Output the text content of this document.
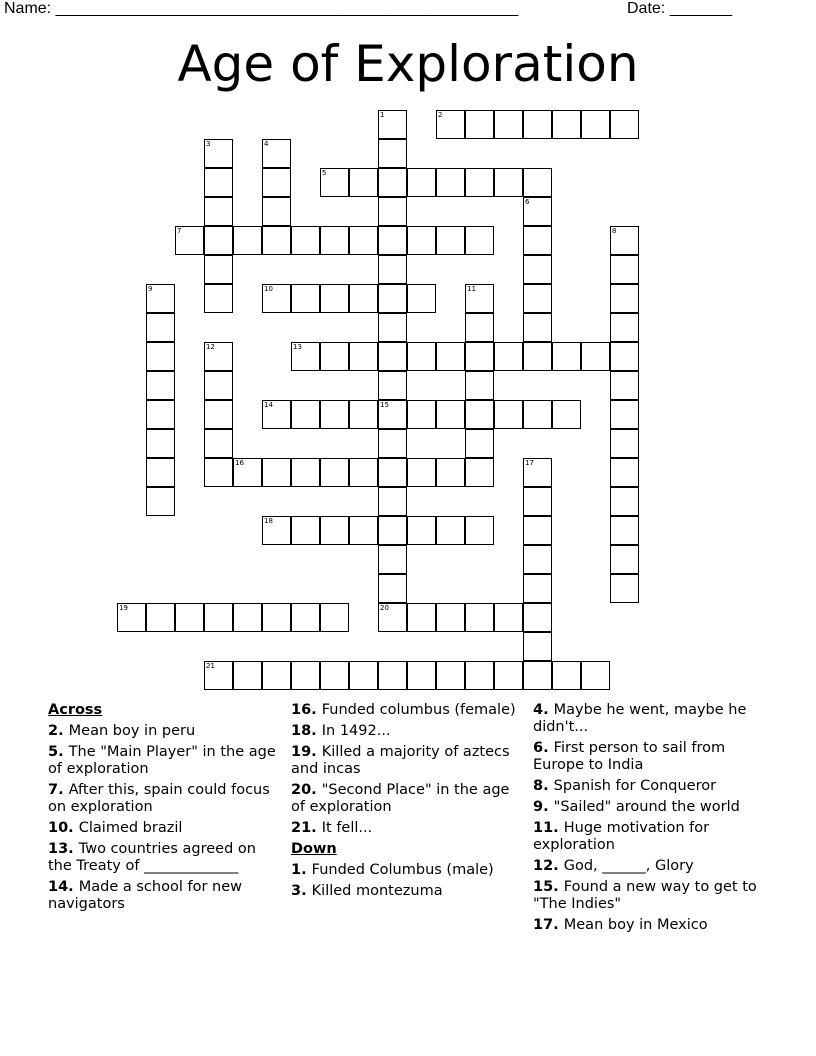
Name: ____________________________________________________	Date: _______
Age of Exploration
1
15
2
3	4
5
6
7	8
9	10	11
12	13
14
16	17
18
19	20
21
Across
2. Mean boy in peru
5. The "Main Player" in the age of exploration
7. After this, spain could focus on exploration
10. Claimed brazil
13. Two countries agreed on the Treaty of _____________
14. Made a school for new navigators
16. Funded columbus (female)
18. In 1492...
19. Killed a majority of aztecs and incas
20. "Second Place" in the age of exploration
21. It fell...
Down
1. Funded Columbus (male)
3. Killed montezuma
4. Maybe he went, maybe he didn't...
6. First person to sail from Europe to India
8. Spanish for Conqueror
9. "Sailed" around the world
11. Huge motivation for exploration
12. God, ______, Glory
15. Found a new way to get to "The Indies"
17. Mean boy in Mexico
